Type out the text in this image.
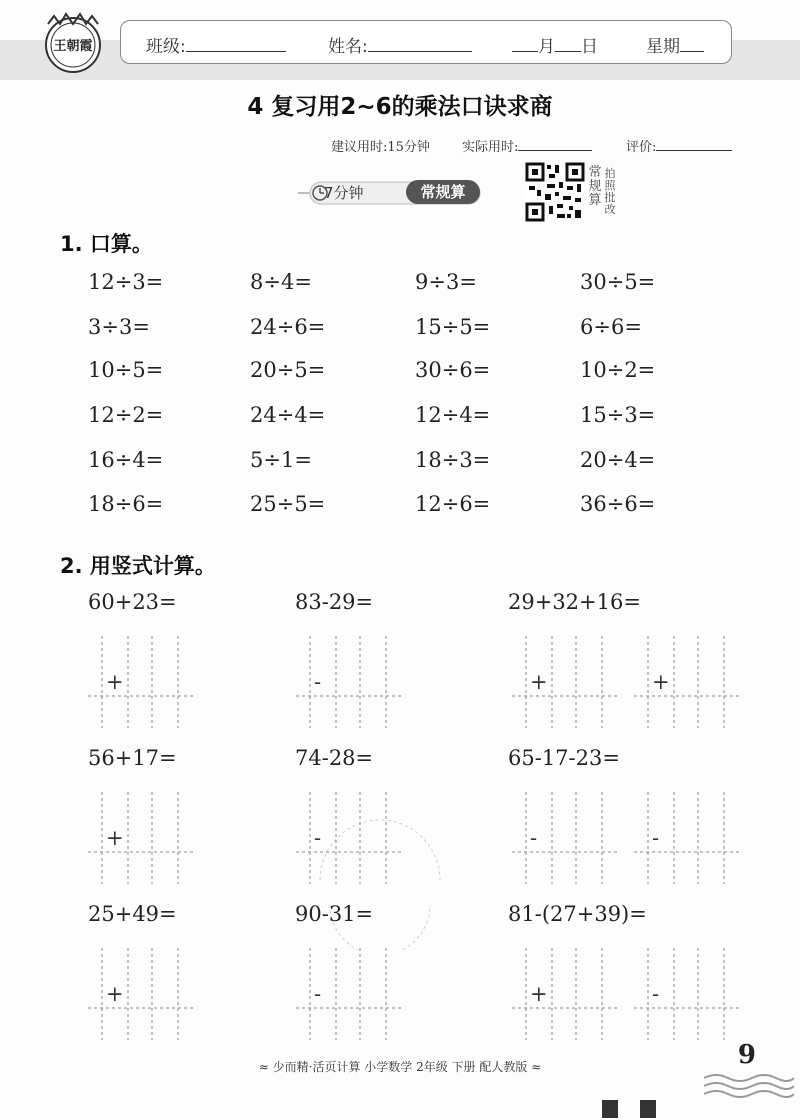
王朝霞	班级:	姓名:	月 日	星期
4 复习用2~6的乘法口诀求商
建议用时:15分钟 实际用时:	评价:
7分钟	常规算
常
规
算
拍
照
批
改
1. 口算。
12÷3=	8÷4=	9÷3=	30÷5=
3÷3=	24÷6=	15÷5=	6÷6=
10÷5=	20÷5=	30÷6=	10÷2=
12÷2=	24÷4=	12÷4=	15÷3=
16÷4=	5÷1=	18÷3=	20÷4=
18÷6=	25÷5=	12÷6=	36÷6=
2. 用竖式计算。
60+23=	83-29=	29+32+16=
+	-	+	+
56+17=	74-28=	65-17-23=
+	-	-	-
25+49=	90-31=	81-(27+39)=
+	-	+	-
9
≈ 少而精·活页计算 小学数学 2年级 下册 配人教版 ≈
